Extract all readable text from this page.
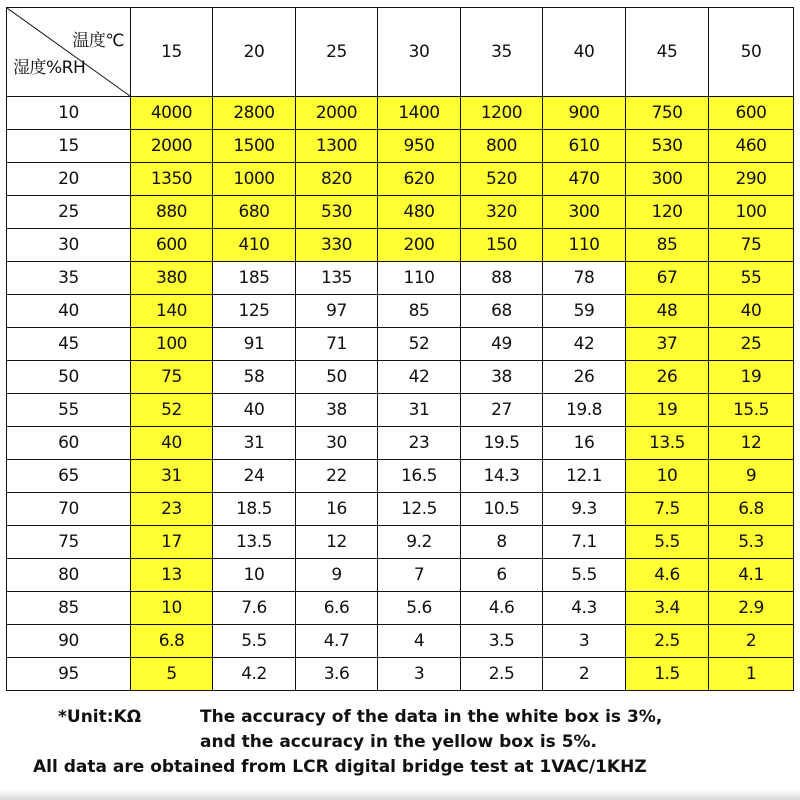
温度℃
湿度%RH	15	20	25	30	35	40	45	50
10	4000	2800	2000	1400	1200	900	750	600
15	2000	1500	1300	950	800	610	530	460
20	1350	1000	820	620	520	470	300	290
25	880	680	530	480	320	300	120	100
30	600	410	330	200	150	110	85	75
35	380	185	135	110	88	78	67	55
40	140	125	97	85	68	59	48	40
45	100	91	71	52	49	42	37	25
50	75	58	50	42	38	26	26	19
55	52	40	38	31	27	19.8	19	15.5
60	40	31	30	23	19.5	16	13.5	12
65	31	24	22	16.5	14.3	12.1	10	9
70	23	18.5	16	12.5	10.5	9.3	7.5	6.8
75	17	13.5	12	9.2	8	7.1	5.5	5.3
80	13	10	9	7	6	5.5	4.6	4.1
85	10	7.6	6.6	5.6	4.6	4.3	3.4	2.9
90	6.8	5.5	4.7	4	3.5	3	2.5	2
95	5	4.2	3.6	3	2.5	2	1.5	1
*Unit:KΩ	The accuracy of the data in the white box is 3%,
and the accuracy in the yellow box is 5%.
All data are obtained from LCR digital bridge test at 1VAC/1KHZ
